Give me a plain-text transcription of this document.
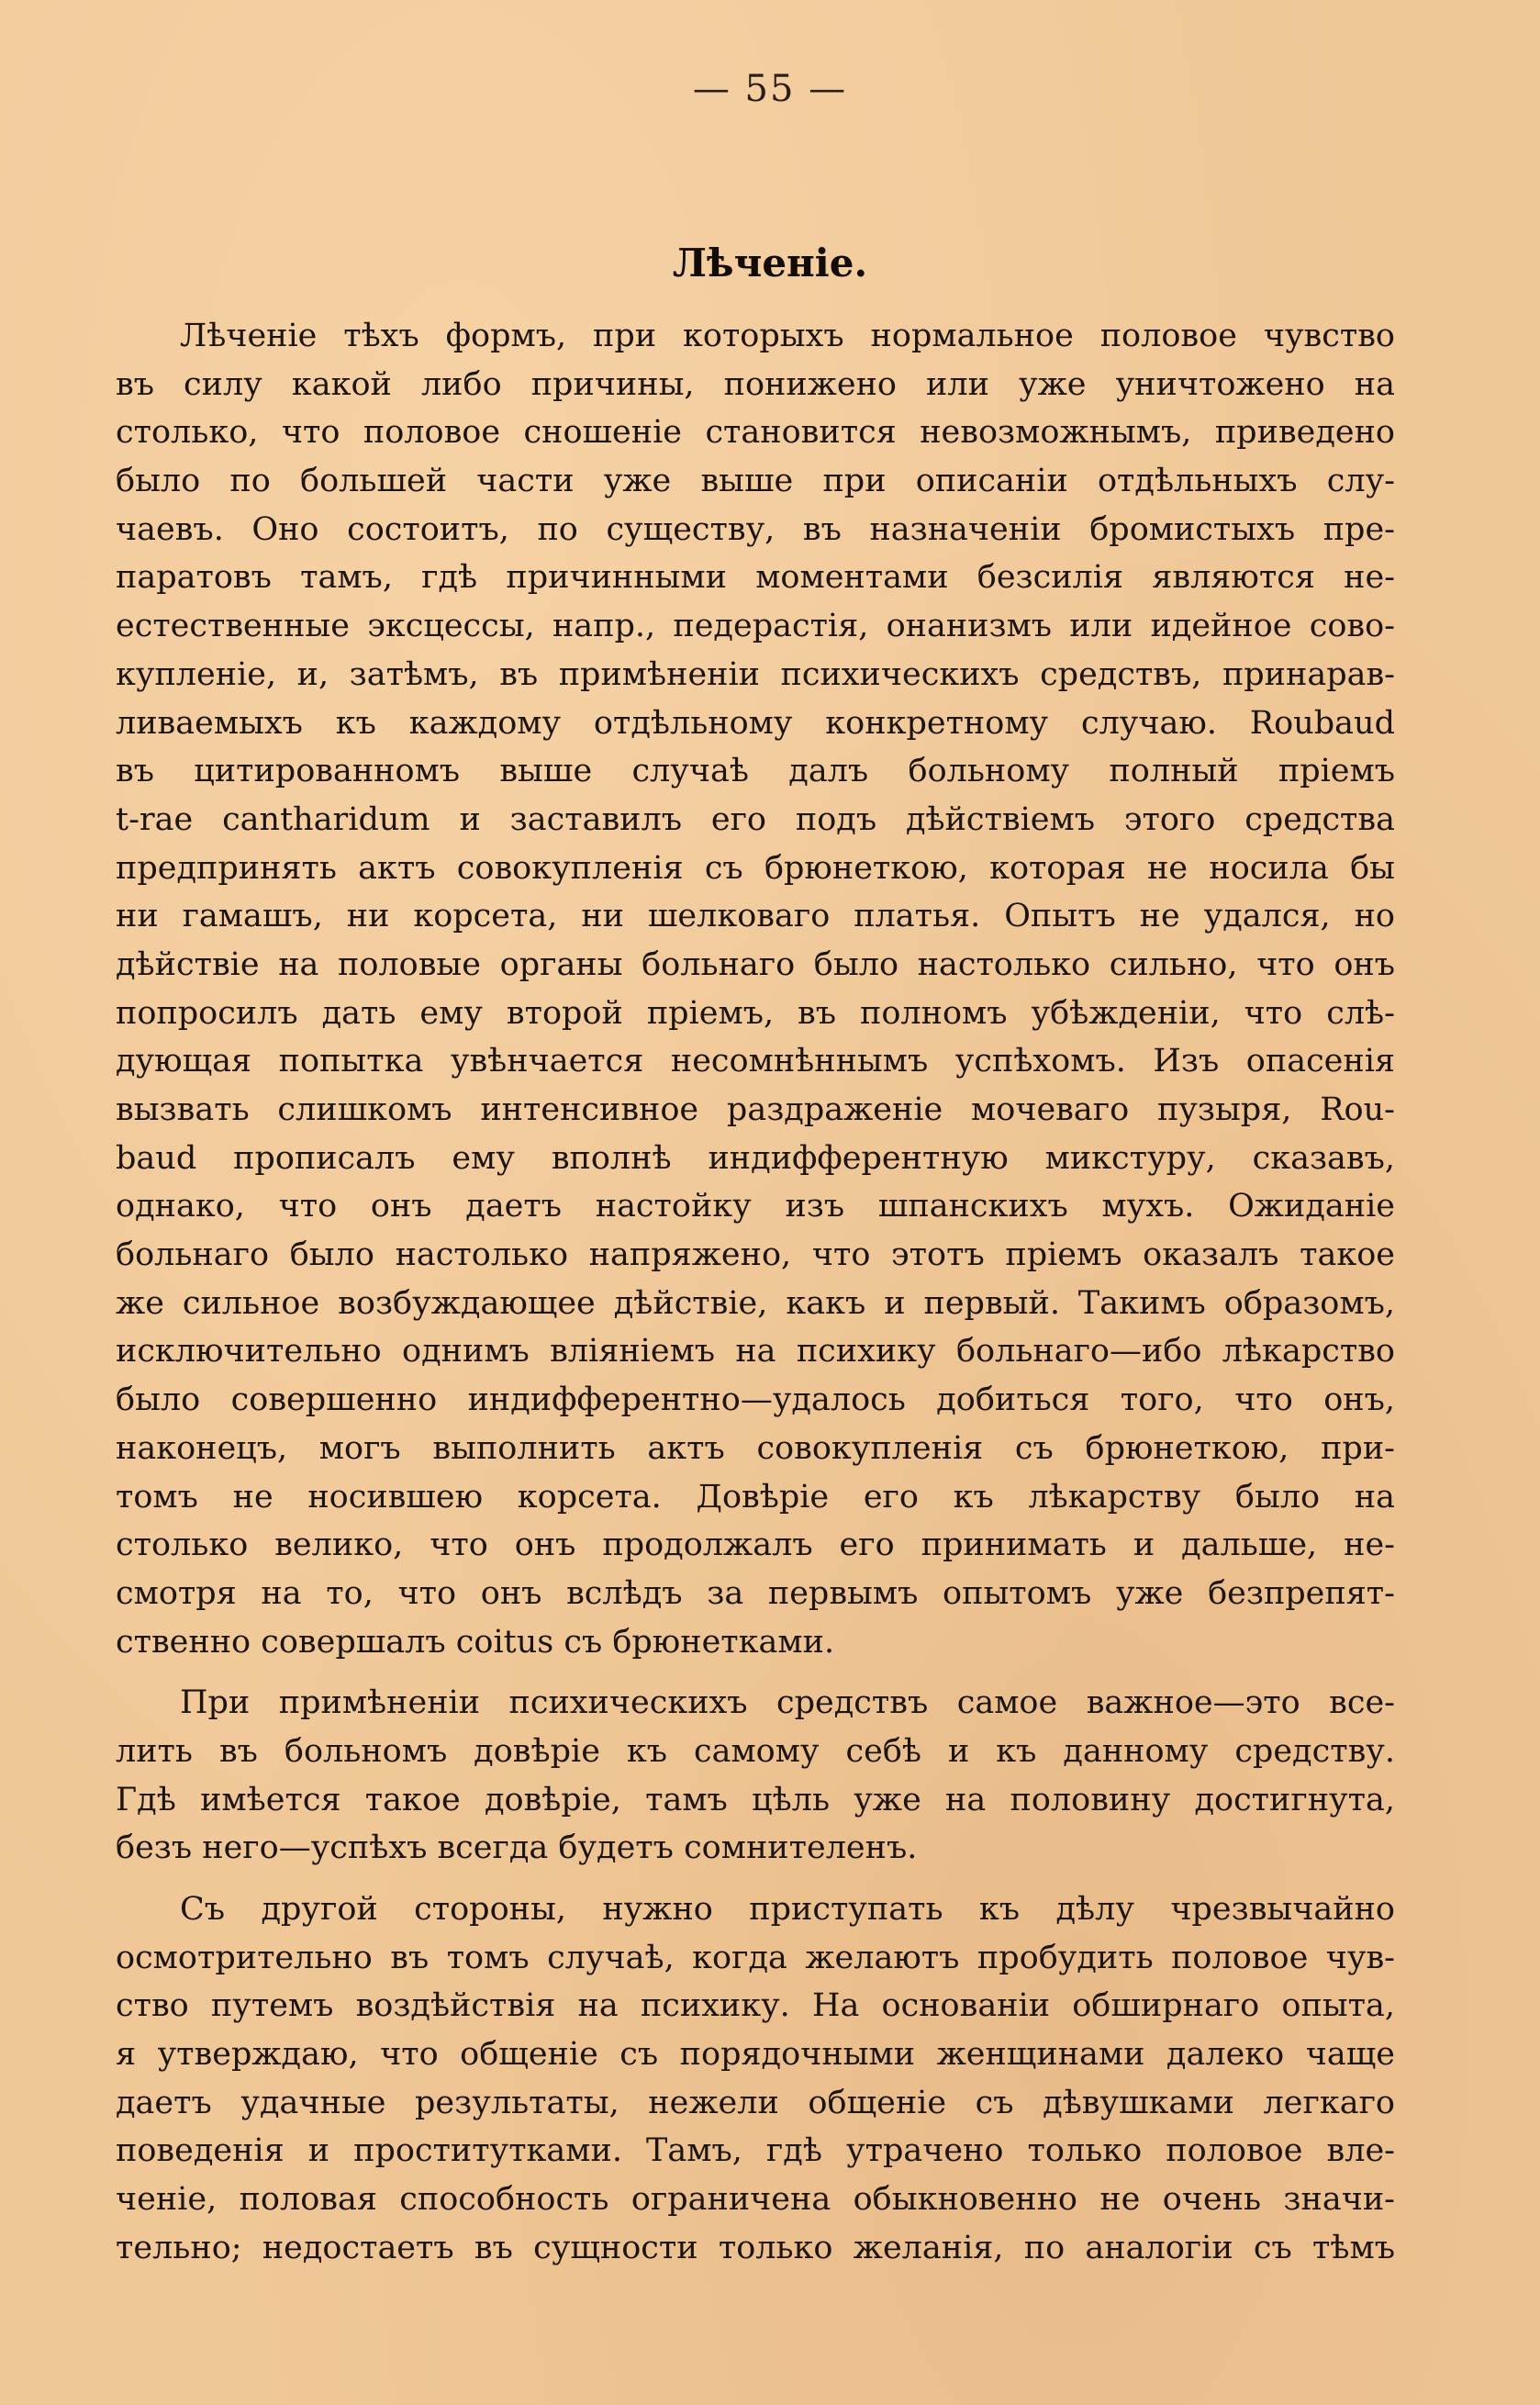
— 55 —
Лѣченіе.
Лѣченіе тѣхъ формъ, при которыхъ нормальное половое чувство
въ силу какой либо причины, понижено или уже уничтожено на
столько, что половое сношеніе становится невозможнымъ, приведено
было по большей части уже выше при описаніи отдѣльныхъ слу-
чаевъ. Оно состоитъ, по существу, въ назначеніи бромистыхъ пре-
паратовъ тамъ, гдѣ причинными моментами безсилія являются не-
естественные эксцессы, напр., педерастія, онанизмъ или идейное сово-
купленіе, и, затѣмъ, въ примѣненіи психическихъ средствъ, принарав-
ливаемыхъ къ каждому отдѣльному конкретному случаю. Roubaud
въ цитированномъ выше случаѣ далъ больному полный пріемъ
t-rae cantharidum и заставилъ его подъ дѣйствіемъ этого средства
предпринять актъ совокупленія съ брюнеткою, которая не носила бы
ни гамашъ, ни корсета, ни шелковаго платья. Опытъ не удался, но
дѣйствіе на половые органы больнаго было настолько сильно, что онъ
попросилъ дать ему второй пріемъ, въ полномъ убѣжденіи, что слѣ-
дующая попытка увѣнчается несомнѣннымъ успѣхомъ. Изъ опасенія
вызвать слишкомъ интенсивное раздраженіе мочеваго пузыря, Rou-
baud прописалъ ему вполнѣ индифферентную микстуру, сказавъ,
однако, что онъ даетъ настойку изъ шпанскихъ мухъ. Ожиданіе
больнаго было настолько напряжено, что этотъ пріемъ оказалъ такое
же сильное возбуждающее дѣйствіе, какъ и первый. Такимъ образомъ,
исключительно однимъ вліяніемъ на психику больнаго—ибо лѣкарство
было совершенно индифферентно—удалось добиться того, что онъ,
наконецъ, могъ выполнить актъ совокупленія съ брюнеткою, при-
томъ не носившею корсета. Довѣріе его къ лѣкарству было на
столько велико, что онъ продолжалъ его принимать и дальше, не-
смотря на то, что онъ вслѣдъ за первымъ опытомъ уже безпрепят-
ственно совершалъ coitus съ брюнетками.
При примѣненіи психическихъ средствъ самое важное—это все-
лить въ больномъ довѣріе къ самому себѣ и къ данному средству.
Гдѣ имѣется такое довѣріе, тамъ цѣль уже на половину достигнута,
безъ него—успѣхъ всегда будетъ сомнителенъ.
Съ другой стороны, нужно приступать къ дѣлу чрезвычайно
осмотрительно въ томъ случаѣ, когда желаютъ пробудить половое чув-
ство путемъ воздѣйствія на психику. На основаніи обширнаго опыта,
я утверждаю, что общеніе съ порядочными женщинами далеко чаще
даетъ удачные результаты, нежели общеніе съ дѣвушками легкаго
поведенія и проститутками. Тамъ, гдѣ утрачено только половое вле-
ченіе, половая способность ограничена обыкновенно не очень значи-
тельно; недостаетъ въ сущности только желанія, по аналогіи съ тѣмъ
